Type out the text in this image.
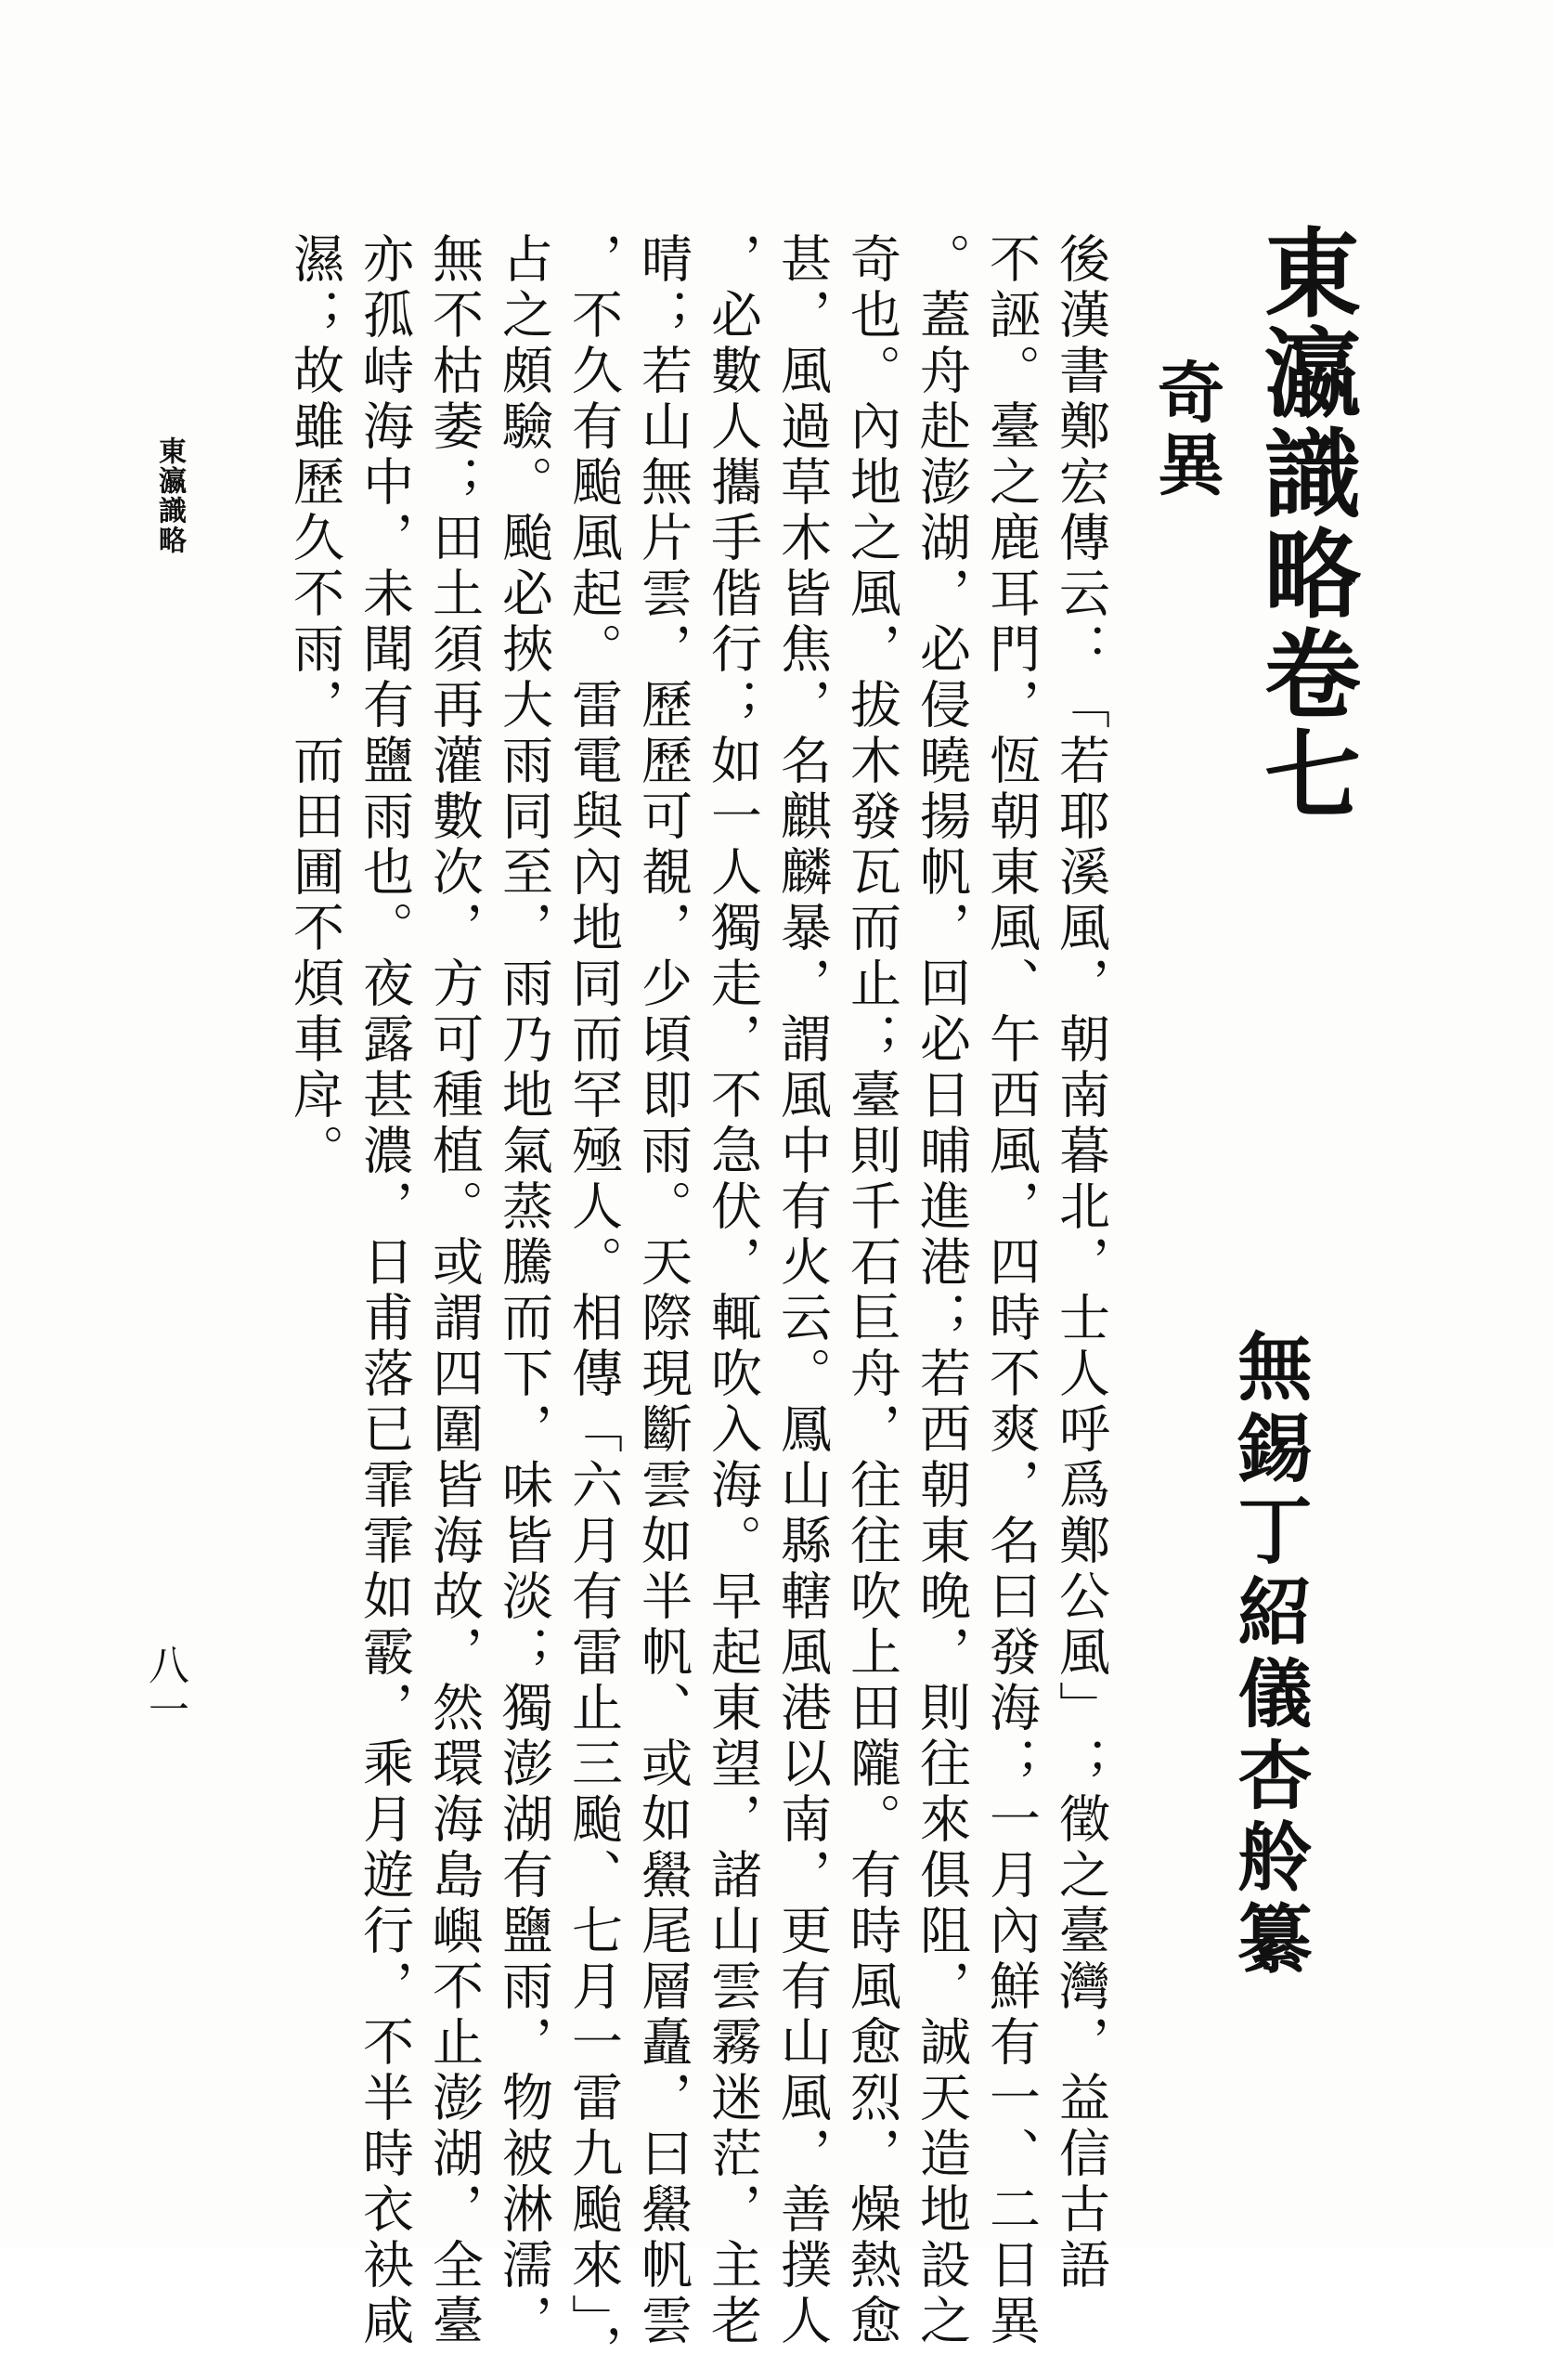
東瀛識略卷七
無錫丁紹儀杏舲纂
奇異
後漢書鄭宏傳云：「若耶溪風，朝南暮北，士人呼爲鄭公風」；徵之臺灣，益信古語
不誣。臺之鹿耳門，恆朝東風、午西風，四時不爽，名曰發海；一月內鮮有一、二日異
。蓋舟赴澎湖，必侵曉揚帆，回必日晡進港；若西朝東晚，則往來俱阻，誠天造地設之
奇也。內地之風，拔木發瓦而止；臺則千石巨舟，往往吹上田隴。有時風愈烈，燥熱愈
甚，風過草木皆焦，名麒麟暴，謂風中有火云。鳳山縣轄風港以南，更有山風，善撲人
，必數人攜手偕行；如一人獨走，不急伏，輒吹入海。早起東望，諸山雲霧迷茫，主老
晴；若山無片雲，歷歷可覩，少頃即雨。天際現斷雲如半帆、或如鱟尾層矗，曰鱟帆雲
，不久有颱風起。雷電與內地同而罕殛人。相傳「六月有雷止三颱、七月一雷九颱來」，
占之頗驗。颱必挾大雨同至，雨乃地氣蒸騰而下，味皆淡；獨澎湖有鹽雨，物被淋濡，
無不枯萎；田土須再灌數次，方可種植。或謂四圍皆海故，然環海島嶼不止澎湖，全臺
亦孤峙海中，未聞有鹽雨也。夜露甚濃，日甫落已霏霏如霰，乘月遊行，不半時衣袂咸
濕；故雖歷久不雨，而田圃不煩車戽。
東瀛識略
八一
